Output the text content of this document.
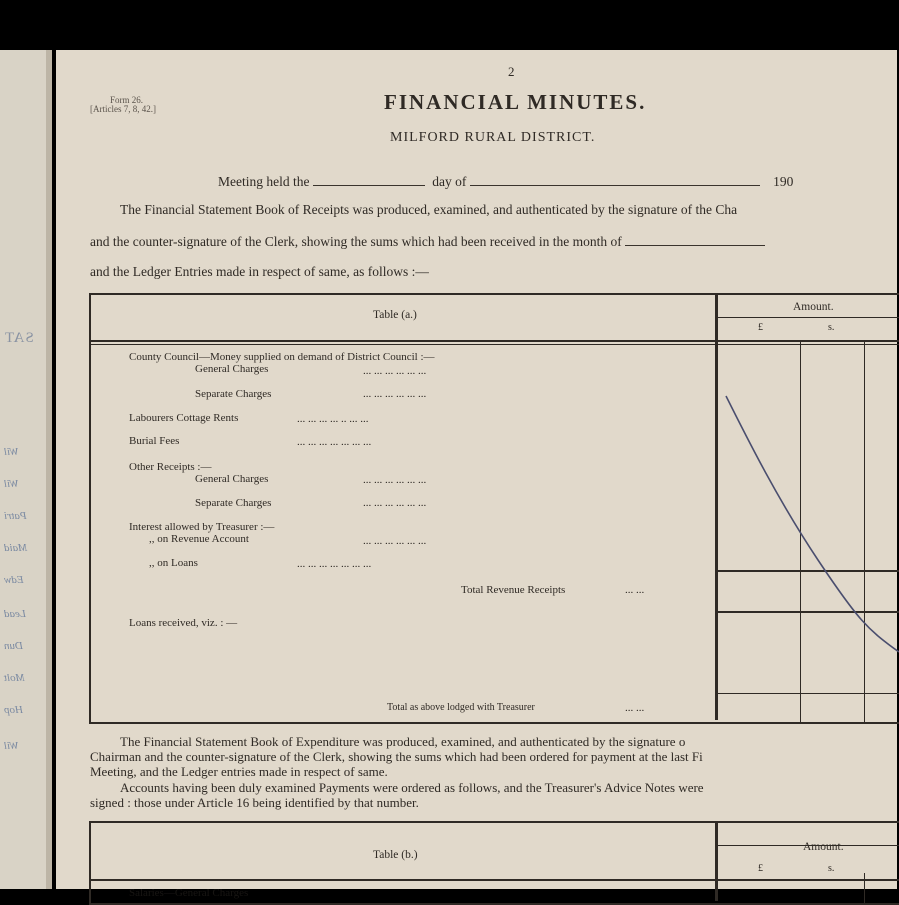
SAT
Wil
Wil
Patri
Maid
Edw
Lead
Dun
Molt
Hop
Wil
2
Form 26.
[Articles 7, 8, 42.]	FINANCIAL MINUTES.
MILFORD RURAL DISTRICT.
Meeting held the	day of	190
The Financial Statement Book of Receipts was produced, examined, and authenticated by the signature of the Cha
and the counter-signature of the Clerk, showing the sums which had been received in the month of
and the Ledger Entries made in respect of same, as follows :—
Table (a.)
Amount.
£	s.
County Council—Money supplied on demand of District Council :—
General Charges	... ... ... ... ... ...
Separate Charges	... ... ... ... ... ...
Labourers Cottage Rents	... ... ... ... .. ... ...
Burial Fees	... ... ... ... ... ... ...
Other Receipts :—
General Charges	... ... ... ... ... ...
Separate Charges	... ... ... ... ... ...
Interest allowed by Treasurer :—
,, on Revenue Account	... ... ... ... ... ...
,, on Loans	... ... ... ... ... ... ...
Total Revenue Receipts	... ...
Loans received, viz. : —
Total as above lodged with Treasurer	... ...
The Financial Statement Book of Expenditure was produced, examined, and authenticated by the signature o
Chairman and the counter-signature of the Clerk, showing the sums which had been ordered for payment at the last Fi
Meeting, and the Ledger entries made in respect of same.
Accounts having been duly examined Payments were ordered as follows, and the Treasurer's Advice Notes were
signed : those under Article 16 being identified by that number.
Table (b.)
Amount.
£	s.
Salaries—General Charges
